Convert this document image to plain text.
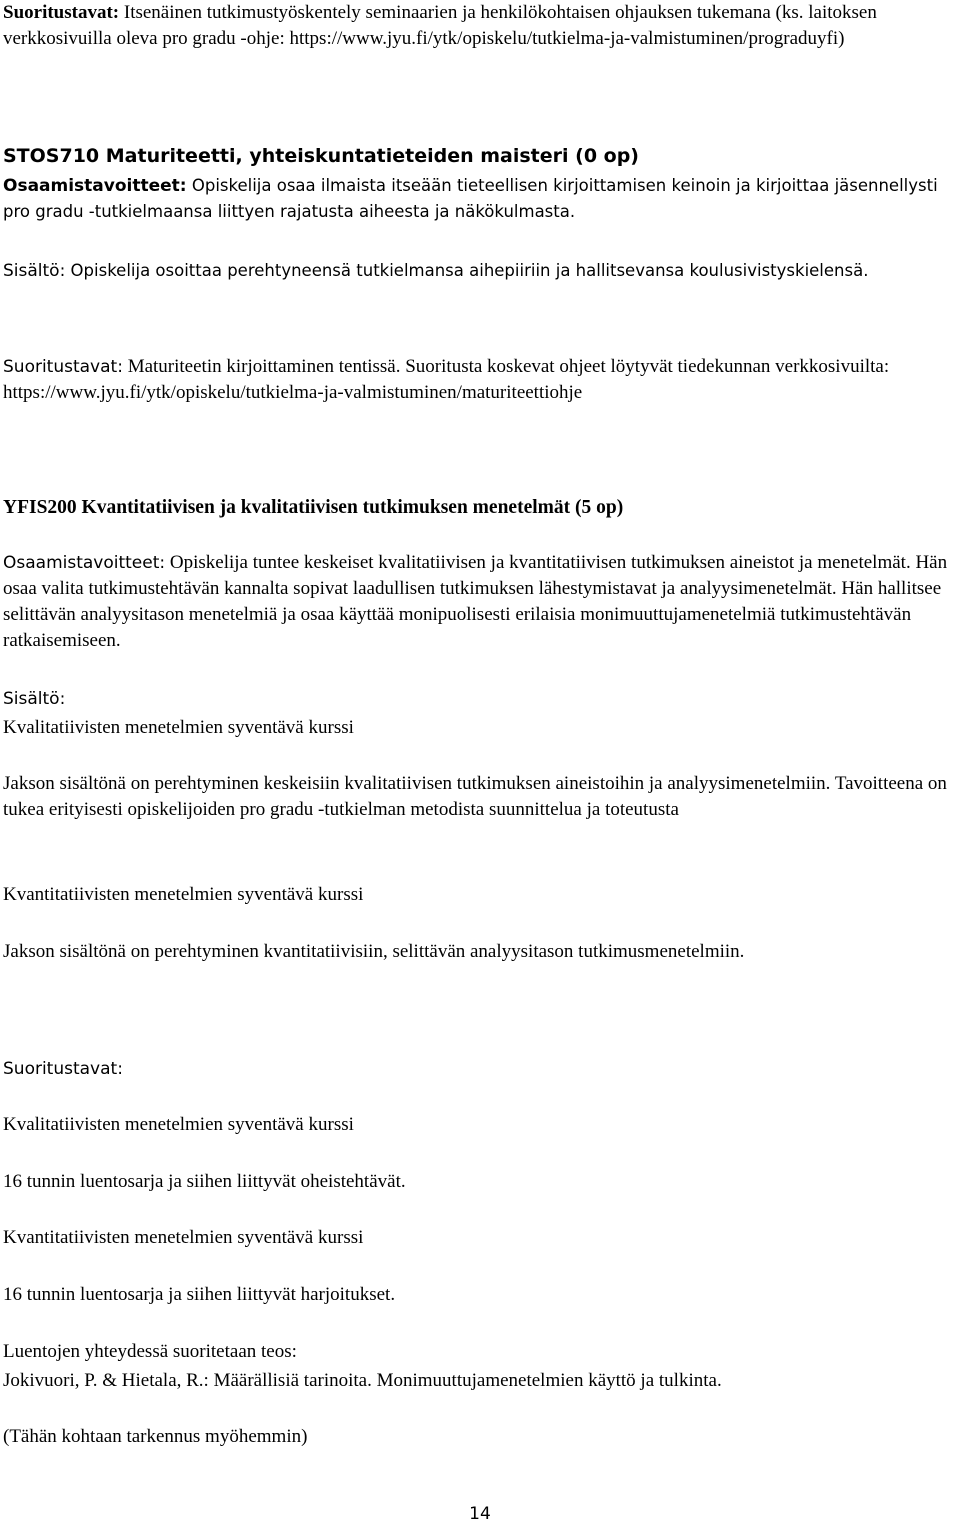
Suoritustavat: Itsenäinen tutkimustyöskentely seminaarien ja henkilökohtaisen ohjauksen tukemana (ks. laitoksen verkkosivuilla oleva pro gradu -ohje: https://www.jyu.fi/ytk/opiskelu/tutkielma-ja-valmistuminen/prograduyfi)

STOS710 Maturiteetti, yhteiskuntatieteiden maisteri (0 op)

Osaamistavoitteet: Opiskelija osaa ilmaista itseään tieteellisen kirjoittamisen keinoin ja kirjoittaa jäsennellysti pro gradu -tutkielmaansa liittyen rajatusta aiheesta ja näkökulmasta.

Sisältö: Opiskelija osoittaa perehtyneensä tutkielmansa aihepiiriin ja hallitsevansa koulusivistyskielensä.

Suoritustavat: Maturiteetin kirjoittaminen tentissä. Suoritusta koskevat ohjeet löytyvät tiedekunnan verkkosivuilta: https://www.jyu.fi/ytk/opiskelu/tutkielma-ja-valmistuminen/maturiteettiohje

YFIS200 Kvantitatiivisen ja kvalitatiivisen tutkimuksen menetelmät (5 op)

Osaamistavoitteet: Opiskelija tuntee keskeiset kvalitatiivisen ja kvantitatiivisen tutkimuksen aineistot ja menetelmät. Hän osaa valita tutkimustehtävän kannalta sopivat laadullisen tutkimuksen lähestymistavat ja analyysimenetelmät. Hän hallitsee selittävän analyysitason menetelmiä ja osaa käyttää monipuolisesti erilaisia monimuuttujamenetelmiä tutkimustehtävän ratkaisemiseen.

Sisältö:

Kvalitatiivisten menetelmien syventävä kurssi

Jakson sisältönä on perehtyminen keskeisiin kvalitatiivisen tutkimuksen aineistoihin ja analyysimenetelmiin. Tavoitteena on tukea erityisesti opiskelijoiden pro gradu -tutkielman metodista suunnittelua ja toteutusta

Kvantitatiivisten menetelmien syventävä kurssi

Jakson sisältönä on perehtyminen kvantitatiivisiin, selittävän analyysitason tutkimusmenetelmiin.

Suoritustavat:

Kvalitatiivisten menetelmien syventävä kurssi

16 tunnin luentosarja ja siihen liittyvät oheistehtävät.

Kvantitatiivisten menetelmien syventävä kurssi

16 tunnin luentosarja ja siihen liittyvät harjoitukset.

Luentojen yhteydessä suoritetaan teos:

Jokivuori, P. & Hietala, R.: Määrällisiä tarinoita. Monimuuttujamenetelmien käyttö ja tulkinta.

(Tähän kohtaan tarkennus myöhemmin)

14
